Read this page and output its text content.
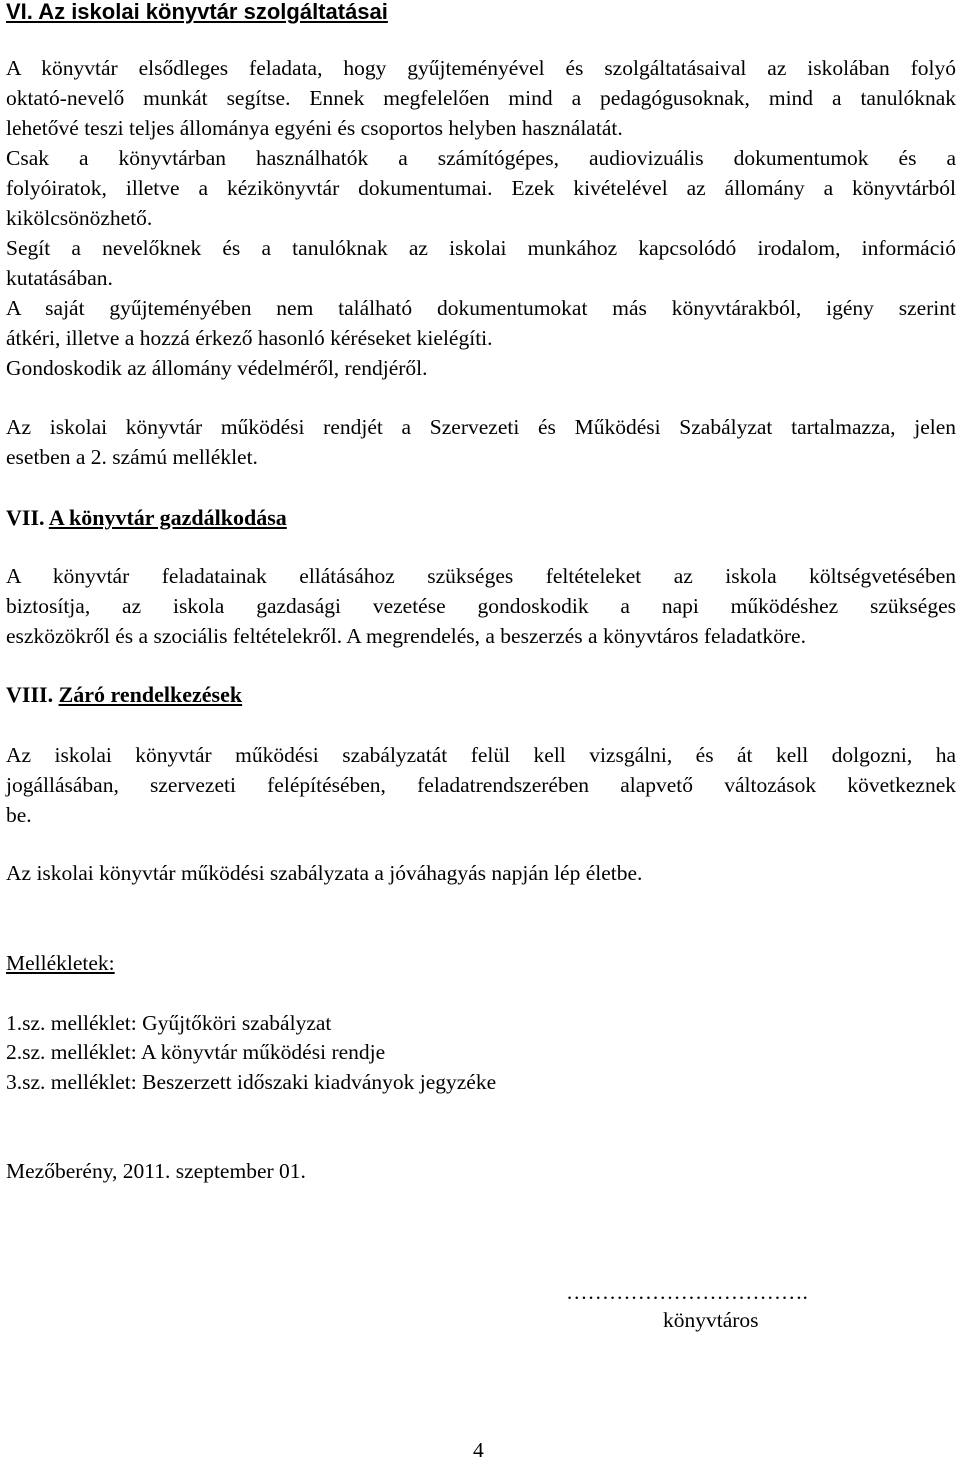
VI. Az iskolai könyvtár szolgáltatásai
A könyvtár elsődleges feladata, hogy gyűjteményével és szolgáltatásaival az iskolában folyó
oktató-nevelő munkát segítse. Ennek megfelelően mind a pedagógusoknak, mind a tanulóknak
lehetővé teszi teljes állománya egyéni és csoportos helyben használatát.
Csak a könyvtárban használhatók a számítógépes, audiovizuális dokumentumok és a
folyóiratok, illetve a kézikönyvtár dokumentumai. Ezek kivételével az állomány a könyvtárból
kikölcsönözhető.
Segít a nevelőknek és a tanulóknak az iskolai munkához kapcsolódó irodalom, információ
kutatásában.
A saját gyűjteményében nem található dokumentumokat más könyvtárakból, igény szerint
átkéri, illetve a hozzá érkező hasonló kéréseket kielégíti.
Gondoskodik az állomány védelméről, rendjéről.
Az iskolai könyvtár működési rendjét a Szervezeti és Működési Szabályzat tartalmazza, jelen
esetben a 2. számú melléklet.
VII. A könyvtár gazdálkodása
A könyvtár feladatainak ellátásához szükséges feltételeket az iskola költségvetésében
biztosítja, az iskola gazdasági vezetése gondoskodik a napi működéshez szükséges
eszközökről és a szociális feltételekről. A megrendelés, a beszerzés a könyvtáros feladatköre.
VIII. Záró rendelkezések
Az iskolai könyvtár működési szabályzatát felül kell vizsgálni, és át kell dolgozni, ha
jogállásában, szervezeti felépítésében, feladatrendszerében alapvető változások következnek
be.
Az iskolai könyvtár működési szabályzata a jóváhagyás napján lép életbe.
Mellékletek:
1.sz. melléklet: Gyűjtőköri szabályzat
2.sz. melléklet: A könyvtár működési rendje
3.sz. melléklet: Beszerzett időszaki kiadványok jegyzéke
Mezőberény, 2011. szeptember 01.
…………………………….
könyvtáros
4
